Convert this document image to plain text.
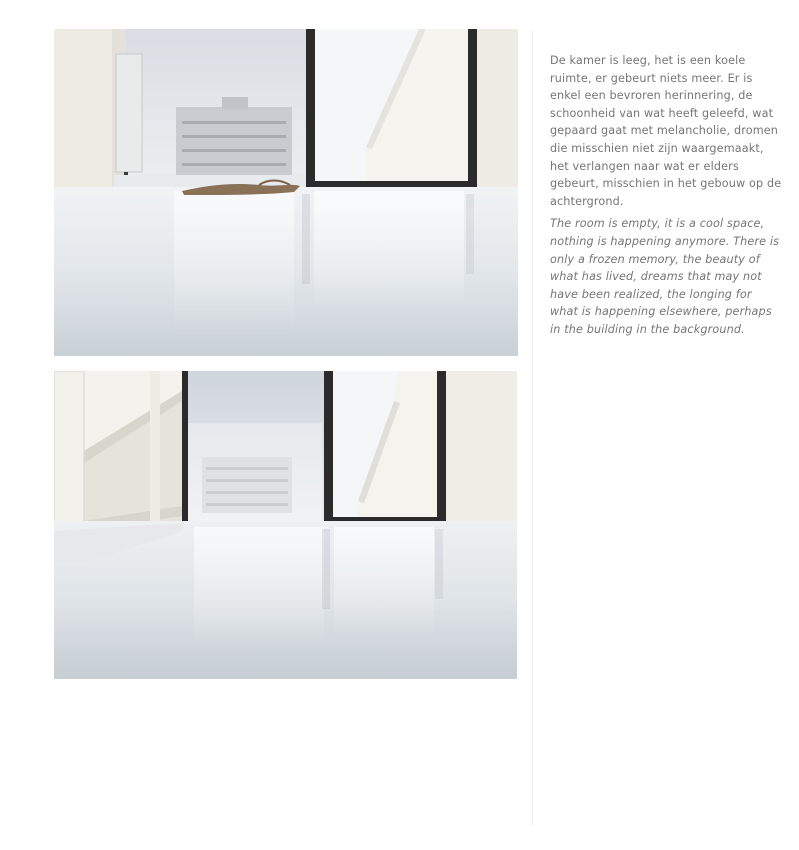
De kamer is leeg, het is een koele ruimte, er gebeurt niets meer. Er is enkel een bevroren herinnering, de schoonheid van wat heeft geleefd, wat gepaard gaat met melancholie, dromen die misschien niet zijn waargemaakt, het verlangen naar wat er elders gebeurt, misschien in het gebouw op de achtergrond.

The room is empty, it is a cool space, nothing is happening anymore. There is only a frozen memory, the beauty of what has lived, dreams that may not have been realized, the longing for what is happening elsewhere, perhaps in the building in the background.
